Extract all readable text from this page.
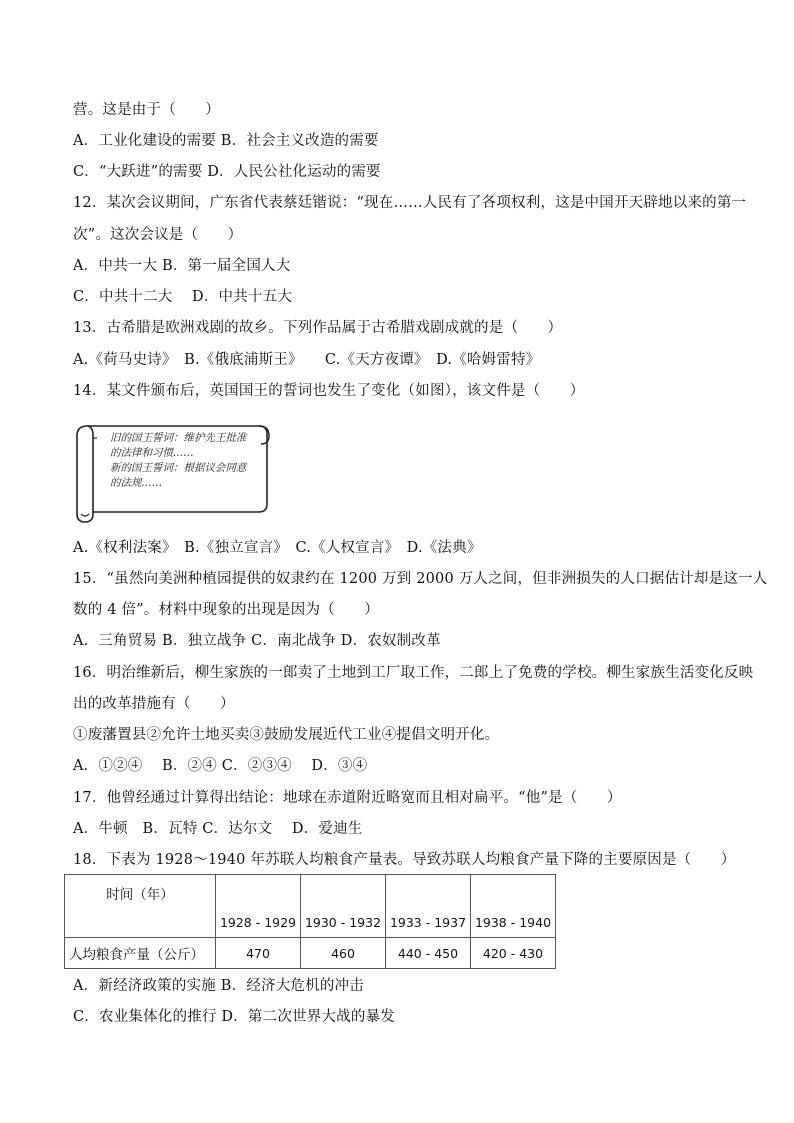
营。这是由于（　　）
A．工业化建设的需要 B．社会主义改造的需要
C．“大跃进”的需要 D．人民公社化运动的需要
12．某次会议期间，广东省代表蔡廷锴说：“现在……人民有了各项权利，这是中国开天辟地以来的第一
次”。这次会议是（　　）
A．中共一大 B．第一届全国人大
C．中共十二大　 D．中共十五大
13．古希腊是欧洲戏剧的故乡。下列作品属于古希腊戏剧成就的是（　　）
A.《荷马史诗》　B.《俄底浦斯王》　　C.《天方夜谭》　D.《哈姆雷特》
14．某文件颁布后，英国国王的誓词也发生了变化（如图），该文件是（　　）
旧的国王誓词：维护先王批准
的法律和习惯……
新的国王誓词：根据议会同意
的法规……
A.《权利法案》　B.《独立宣言》　C.《人权宣言》　D.《法典》
15．“虽然向美洲种植园提供的奴隶约在 1200 万到 2000 万人之间，但非洲损失的人口据估计却是这一人
数的 4 倍”。材料中现象的出现是因为（　　）
A．三角贸易 B．独立战争 C．南北战争 D．农奴制改革
16．明治维新后，柳生家族的一郎卖了土地到工厂取工作，二郎上了免费的学校。柳生家族生活变化反映
出的改革措施有（　　）
①废藩置县②允许土地买卖③鼓励发展近代工业④提倡文明开化。
A．①②④　 B．②④ C．②③④　 D．③④
17．他曾经通过计算得出结论：地球在赤道附近略宽而且相对扁平。“他”是（　　）
A．牛顿　B．瓦特 C．达尔文　 D．爱迪生
18．下表为 1928～1940 年苏联人均粮食产量表。导致苏联人均粮食产量下降的主要原因是（　　）
时间（年）	1928 - 1929	1930 - 1932	1933 - 1937	1938 - 1940

人均粮食产量（公斤）	470	460	440 - 450	420 - 430
A．新经济政策的实施 B．经济大危机的冲击
C．农业集体化的推行 D．第二次世界大战的暴发
